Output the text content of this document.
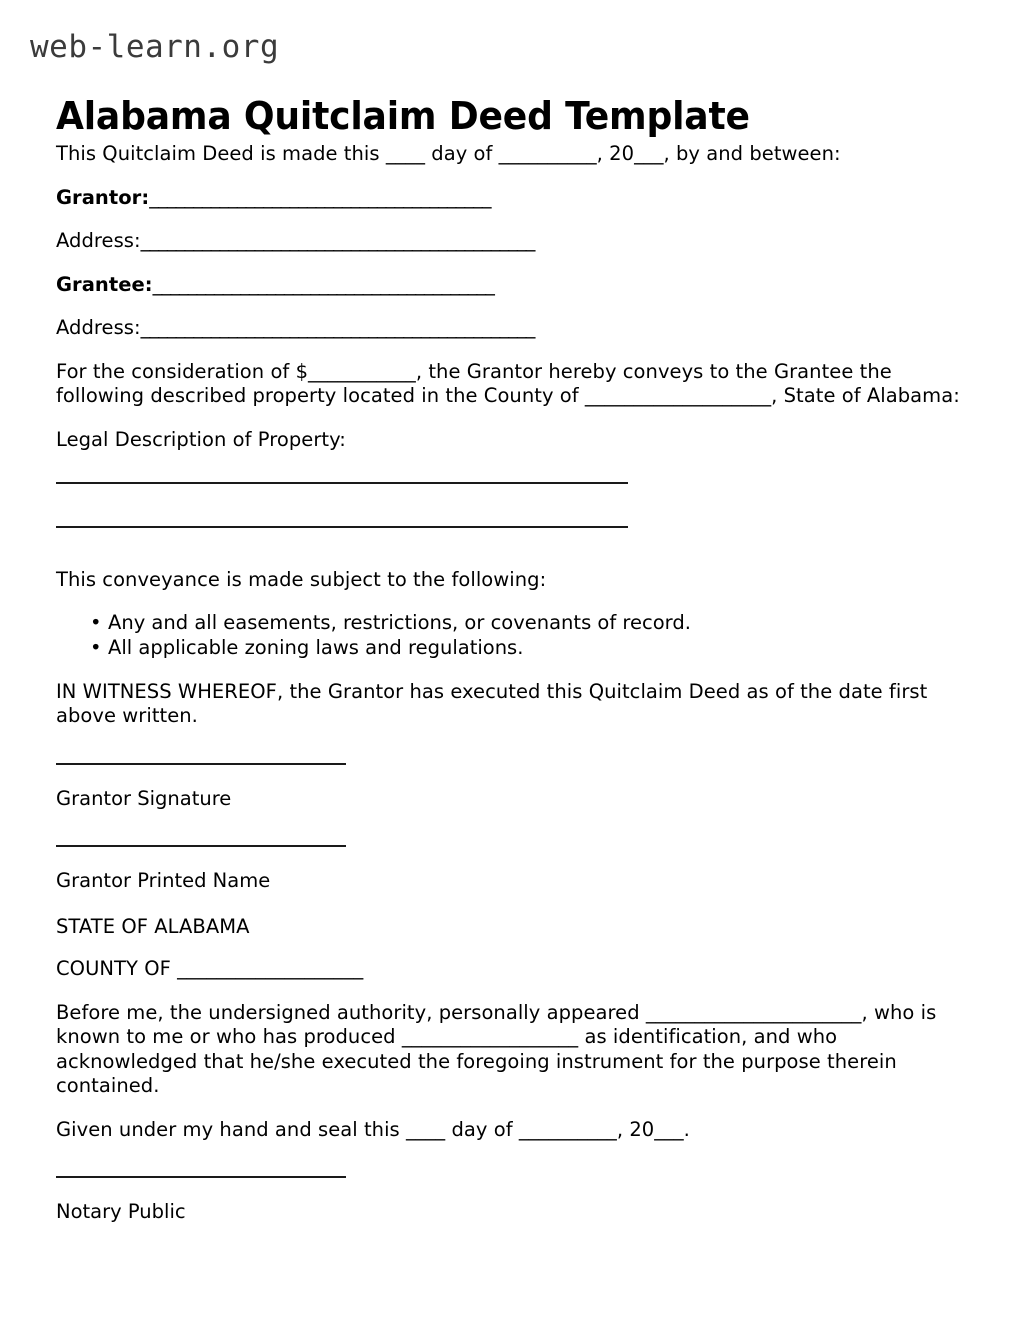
web-learn.org
Alabama Quitclaim Deed Template

This Quitclaim Deed is made this ____ day of __________, 20___, by and between:

Grantor:_______________________________________

Address:_____________________________________________

Grantee:_______________________________________

Address:_____________________________________________

For the consideration of $___________, the Grantor hereby conveys to the Grantee the following described property located in the County of ___________________, State of Alabama:

Legal Description of Property:

This conveyance is made subject to the following:

• Any and all easements, restrictions, or covenants of record.
• All applicable zoning laws and regulations.

IN WITNESS WHEREOF, the Grantor has executed this Quitclaim Deed as of the date first above written.

Grantor Signature

Grantor Printed Name

STATE OF ALABAMA

COUNTY OF ___________________

Before me, the undersigned authority, personally appeared ______________________, who is known to me or who has produced __________________ as identification, and who acknowledged that he/she executed the foregoing instrument for the purpose therein contained.

Given under my hand and seal this ____ day of __________, 20___.

Notary Public
